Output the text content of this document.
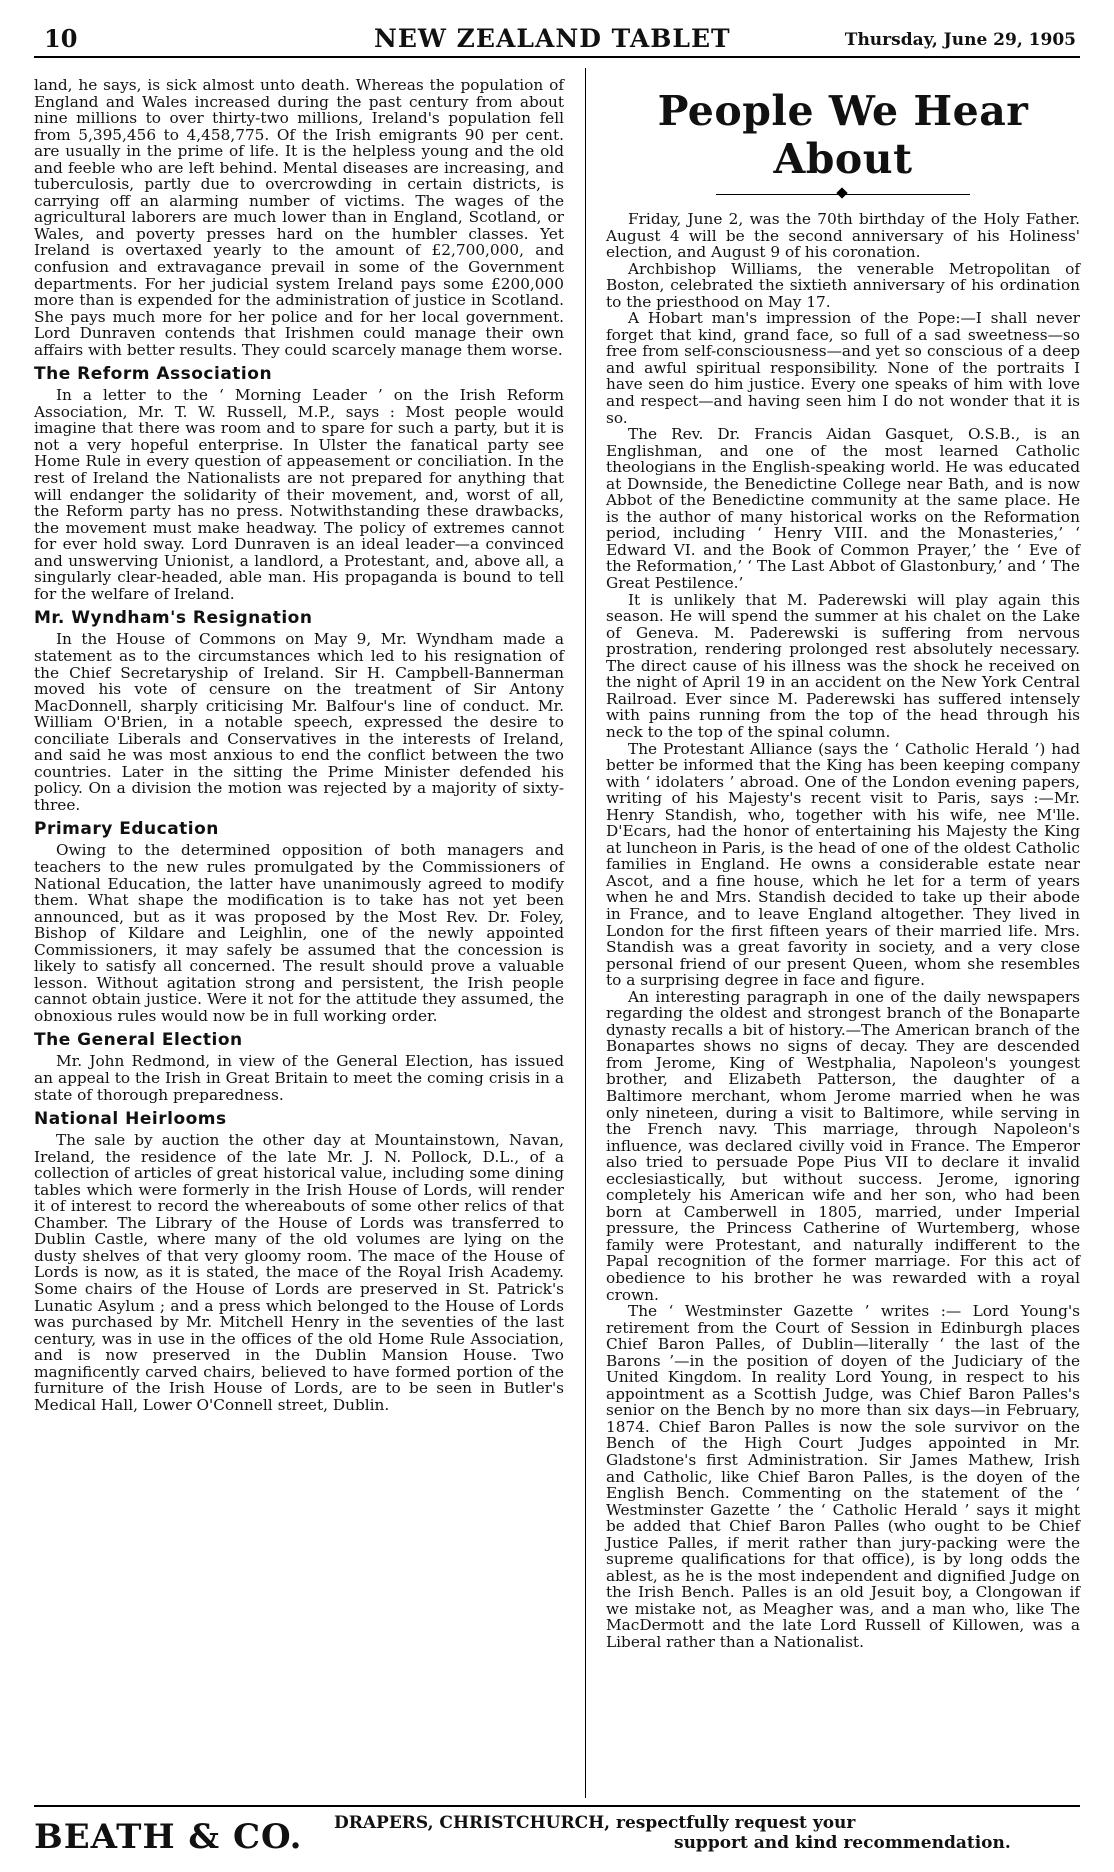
10	NEW ZEALAND TABLET	Thursday, June 29, 1905

land, he says, is sick almost unto death. Whereas the population of England and Wales increased during the past century from about nine millions to over thirty-two millions, Ireland's population fell from 5,395,456 to 4,458,775. Of the Irish emigrants 90 per cent. are usually in the prime of life. It is the helpless young and the old and feeble who are left behind. Mental diseases are increasing, and tuberculosis, partly due to overcrowding in certain districts, is carrying off an alarming number of victims. The wages of the agricultural laborers are much lower than in England, Scotland, or Wales, and poverty presses hard on the humbler classes. Yet Ireland is overtaxed yearly to the amount of £2,700,000, and confusion and extravagance prevail in some of the Government departments. For her judicial system Ireland pays some £200,000 more than is expended for the administration of justice in Scotland. She pays much more for her police and for her local government. Lord Dunraven contends that Irishmen could manage their own affairs with better results. They could scarcely manage them worse.

The Reform Association

In a letter to the ‘ Morning Leader ’ on the Irish Reform Association, Mr. T. W. Russell, M.P., says : Most people would imagine that there was room and to spare for such a party, but it is not a very hopeful enterprise. In Ulster the fanatical party see Home Rule in every question of appeasement or conciliation. In the rest of Ireland the Nationalists are not prepared for anything that will endanger the solidarity of their movement, and, worst of all, the Reform party has no press. Notwithstanding these drawbacks, the movement must make headway. The policy of extremes cannot for ever hold sway. Lord Dunraven is an ideal leader—a convinced and unswerving Unionist, a landlord, a Protestant, and, above all, a singularly clear-headed, able man. His propaganda is bound to tell for the welfare of Ireland.

Mr. Wyndham's Resignation

In the House of Commons on May 9, Mr. Wyndham made a statement as to the circumstances which led to his resignation of the Chief Secretaryship of Ireland. Sir H. Campbell-Bannerman moved his vote of censure on the treatment of Sir Antony MacDonnell, sharply criticising Mr. Balfour's line of conduct. Mr. William O'Brien, in a notable speech, expressed the desire to conciliate Liberals and Conservatives in the interests of Ireland, and said he was most anxious to end the conflict between the two countries. Later in the sitting the Prime Minister defended his policy. On a division the motion was rejected by a majority of sixty-three.

Primary Education

Owing to the determined opposition of both managers and teachers to the new rules promulgated by the Commissioners of National Education, the latter have unanimously agreed to modify them. What shape the modification is to take has not yet been announced, but as it was proposed by the Most Rev. Dr. Foley, Bishop of Kildare and Leighlin, one of the newly appointed Commissioners, it may safely be assumed that the concession is likely to satisfy all concerned. The result should prove a valuable lesson. Without agitation strong and persistent, the Irish people cannot obtain justice. Were it not for the attitude they assumed, the obnoxious rules would now be in full working order.

The General Election

Mr. John Redmond, in view of the General Election, has issued an appeal to the Irish in Great Britain to meet the coming crisis in a state of thorough preparedness.

National Heirlooms

The sale by auction the other day at Mountainstown, Navan, Ireland, the residence of the late Mr. J. N. Pollock, D.L., of a collection of articles of great historical value, including some dining tables which were formerly in the Irish House of Lords, will render it of interest to record the whereabouts of some other relics of that Chamber. The Library of the House of Lords was transferred to Dublin Castle, where many of the old volumes are lying on the dusty shelves of that very gloomy room. The mace of the House of Lords is now, as it is stated, the mace of the Royal Irish Academy. Some chairs of the House of Lords are preserved in St. Patrick's Lunatic Asylum ; and a press which belonged to the House of Lords was purchased by Mr. Mitchell Henry in the seventies of the last century, was in use in the offices of the old Home Rule Association, and is now preserved in the Dublin Mansion House. Two magnificently carved chairs, believed to have formed portion of the furniture of the Irish House of Lords, are to be seen in Butler's Medical Hall, Lower O'Connell street, Dublin.

People We Hear About

Friday, June 2, was the 70th birthday of the Holy Father. August 4 will be the second anniversary of his Holiness' election, and August 9 of his coronation.

Archbishop Williams, the venerable Metropolitan of Boston, celebrated the sixtieth anniversary of his ordination to the priesthood on May 17.

A Hobart man's impression of the Pope:—I shall never forget that kind, grand face, so full of a sad sweetness—so free from self-consciousness—and yet so conscious of a deep and awful spiritual responsibility. None of the portraits I have seen do him justice. Every one speaks of him with love and respect—and having seen him I do not wonder that it is so.

The Rev. Dr. Francis Aidan Gasquet, O.S.B., is an Englishman, and one of the most learned Catholic theologians in the English-speaking world. He was educated at Downside, the Benedictine College near Bath, and is now Abbot of the Benedictine community at the same place. He is the author of many historical works on the Reformation period, including ‘ Henry VIII. and the Monasteries,’ ‘ Edward VI. and the Book of Common Prayer,’ the ‘ Eve of the Reformation,’ ‘ The Last Abbot of Glastonbury,’ and ‘ The Great Pestilence.’

It is unlikely that M. Paderewski will play again this season. He will spend the summer at his chalet on the Lake of Geneva. M. Paderewski is suffering from nervous prostration, rendering prolonged rest absolutely necessary. The direct cause of his illness was the shock he received on the night of April 19 in an accident on the New York Central Railroad. Ever since M. Paderewski has suffered intensely with pains running from the top of the head through his neck to the top of the spinal column.

The Protestant Alliance (says the ‘ Catholic Herald ’) had better be informed that the King has been keeping company with ‘ idolaters ’ abroad. One of the London evening papers, writing of his Majesty's recent visit to Paris, says :—Mr. Henry Standish, who, together with his wife, nee M'lle. D'Ecars, had the honor of entertaining his Majesty the King at luncheon in Paris, is the head of one of the oldest Catholic families in England. He owns a considerable estate near Ascot, and a fine house, which he let for a term of years when he and Mrs. Standish decided to take up their abode in France, and to leave England altogether. They lived in London for the first fifteen years of their married life. Mrs. Standish was a great favority in society, and a very close personal friend of our present Queen, whom she resembles to a surprising degree in face and figure.

An interesting paragraph in one of the daily newspapers regarding the oldest and strongest branch of the Bonaparte dynasty recalls a bit of history.—The American branch of the Bonapartes shows no signs of decay. They are descended from Jerome, King of Westphalia, Napoleon's youngest brother, and Elizabeth Patterson, the daughter of a Baltimore merchant, whom Jerome married when he was only nineteen, during a visit to Baltimore, while serving in the French navy. This marriage, through Napoleon's influence, was declared civilly void in France. The Emperor also tried to persuade Pope Pius VII to declare it invalid ecclesiastically, but without success. Jerome, ignoring completely his American wife and her son, who had been born at Camberwell in 1805, married, under Imperial pressure, the Princess Catherine of Wurtemberg, whose family were Protestant, and naturally indifferent to the Papal recognition of the former marriage. For this act of obedience to his brother he was rewarded with a royal crown.

The ‘ Westminster Gazette ’ writes :— Lord Young's retirement from the Court of Session in Edinburgh places Chief Baron Palles, of Dublin—literally ‘ the last of the Barons ’—in the position of doyen of the Judiciary of the United Kingdom. In reality Lord Young, in respect to his appointment as a Scottish Judge, was Chief Baron Palles's senior on the Bench by no more than six days—in February, 1874. Chief Baron Palles is now the sole survivor on the Bench of the High Court Judges appointed in Mr. Gladstone's first Administration. Sir James Mathew, Irish and Catholic, like Chief Baron Palles, is the doyen of the English Bench. Commenting on the statement of the ‘ Westminster Gazette ’ the ‘ Catholic Herald ’ says it might be added that Chief Baron Palles (who ought to be Chief Justice Palles, if merit rather than jury-packing were the supreme qualifications for that office), is by long odds the ablest, as he is the most independent and dignified Judge on the Irish Bench. Palles is an old Jesuit boy, a Clongowan if we mistake not, as Meagher was, and a man who, like The MacDermott and the late Lord Russell of Killowen, was a Liberal rather than a Nationalist.

BEATH & CO. DRAPERS, CHRISTCHURCH, respectfully request your
support and kind recommendation.
